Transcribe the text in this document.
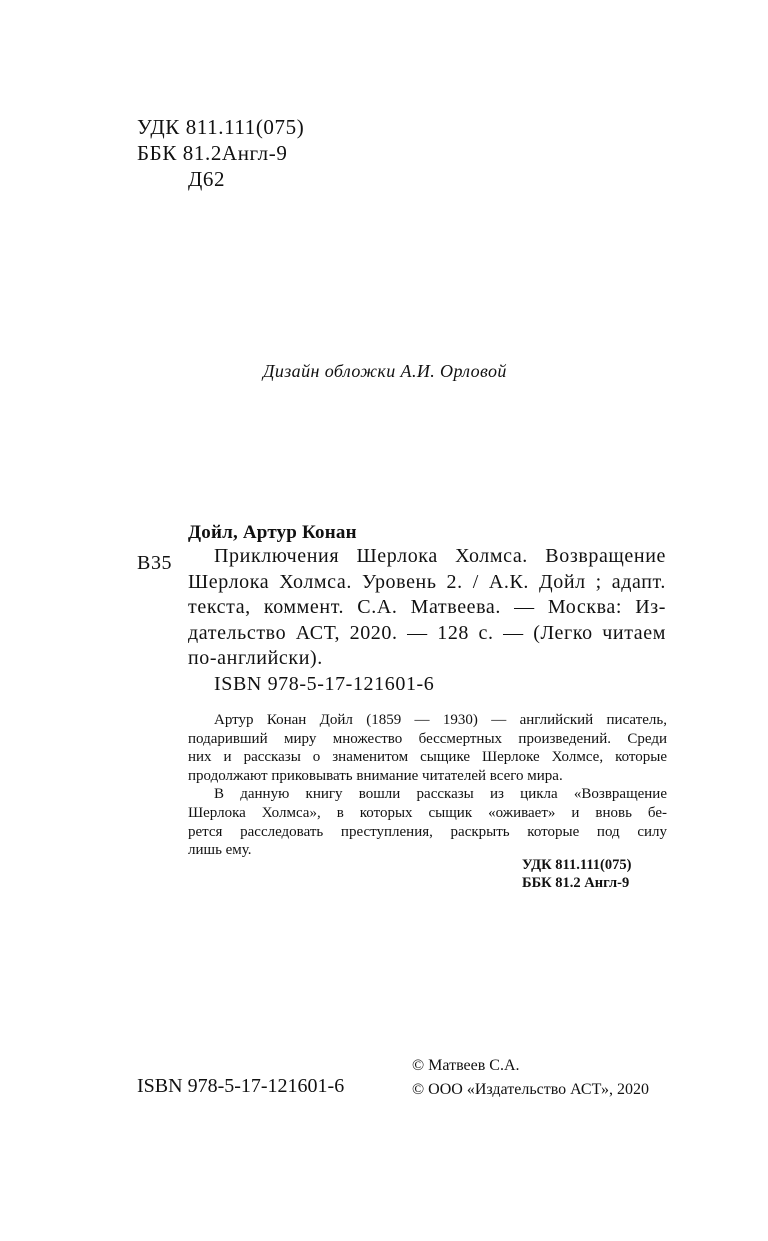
УДК 811.111(075)
ББК 81.2Англ-9
Д62
Дизайн обложки А.И. Орловой
Дойл, Артур Конан
В35	Приключения Шерлока Холмса. Возвращение
Шерлока Холмса. Уровень 2. / А.К. Дойл ; адапт.
текста, коммент. С.А. Матвеева. — Москва: Из-
дательство АСТ, 2020. — 128 с. — (Легко читаем
по-английски).
ISBN 978-5-17-121601-6
Артур Конан Дойл (1859 — 1930) — английский писатель,
подаривший миру множество бессмертных произведений. Среди
них и рассказы о знаменитом сыщике Шерлоке Холмсе, которые
продолжают приковывать внимание читателей всего мира.
В данную книгу вошли рассказы из цикла «Возвращение
Шерлока Холмса», в которых сыщик «оживает» и вновь бе-
рется расследовать преступления, раскрыть которые под силу
лишь ему.
УДК 811.111(075)
ББК 81.2 Англ-9
ISBN 978-5-17-121601-6
© Матвеев С.А.
© ООО «Издательство АСТ», 2020
